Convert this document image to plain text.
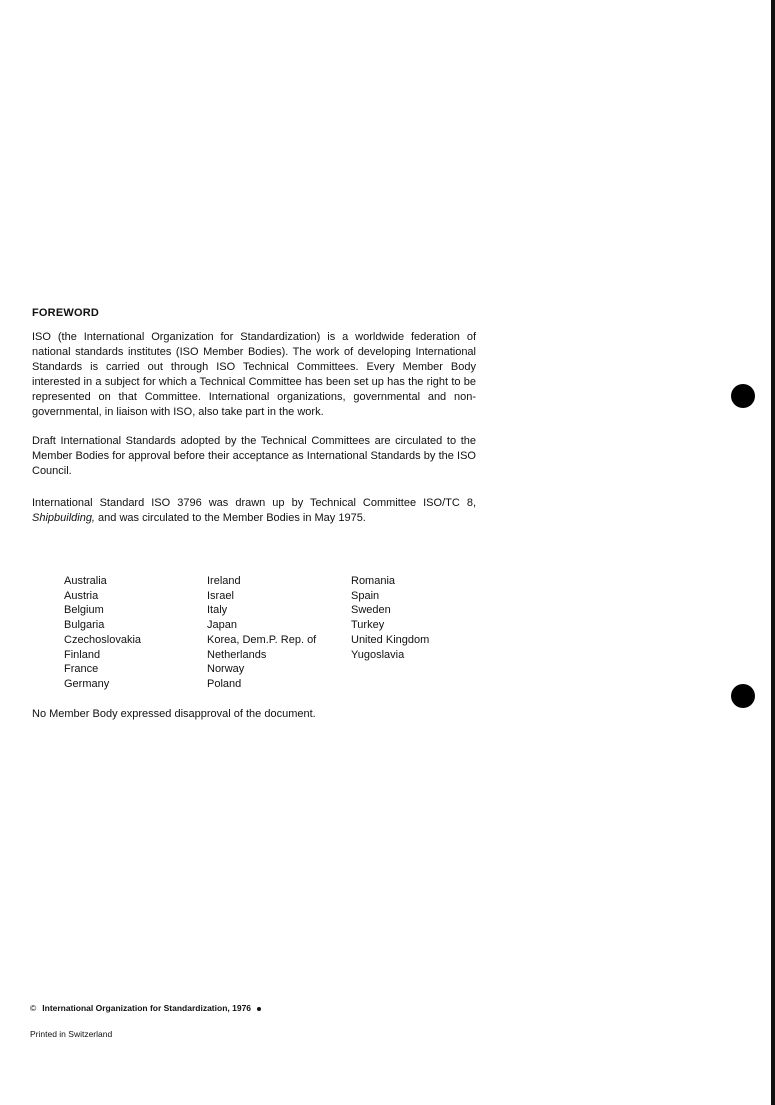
FOREWORD
ISO (the International Organization for Standardization) is a worldwide federation of national standards institutes (ISO Member Bodies). The work of developing International Standards is carried out through ISO Technical Committees. Every Member Body interested in a subject for which a Technical Committee has been set up has the right to be represented on that Committee. International organizations, governmental and non-governmental, in liaison with ISO, also take part in the work.
Draft International Standards adopted by the Technical Committees are circulated to the Member Bodies for approval before their acceptance as International Standards by the ISO Council.
International Standard ISO 3796 was drawn up by Technical Committee ISO/TC 8, Shipbuilding, and was circulated to the Member Bodies in May 1975.
Australia
Austria
Belgium
Bulgaria
Czechoslovakia
Finland
France
Germany
Ireland
Israel
Italy
Japan
Korea, Dem.P. Rep. of
Netherlands
Norway
Poland
Romania
Spain
Sweden
Turkey
United Kingdom
Yugoslavia
No Member Body expressed disapproval of the document.
© International Organization for Standardization, 1976
Printed in Switzerland
